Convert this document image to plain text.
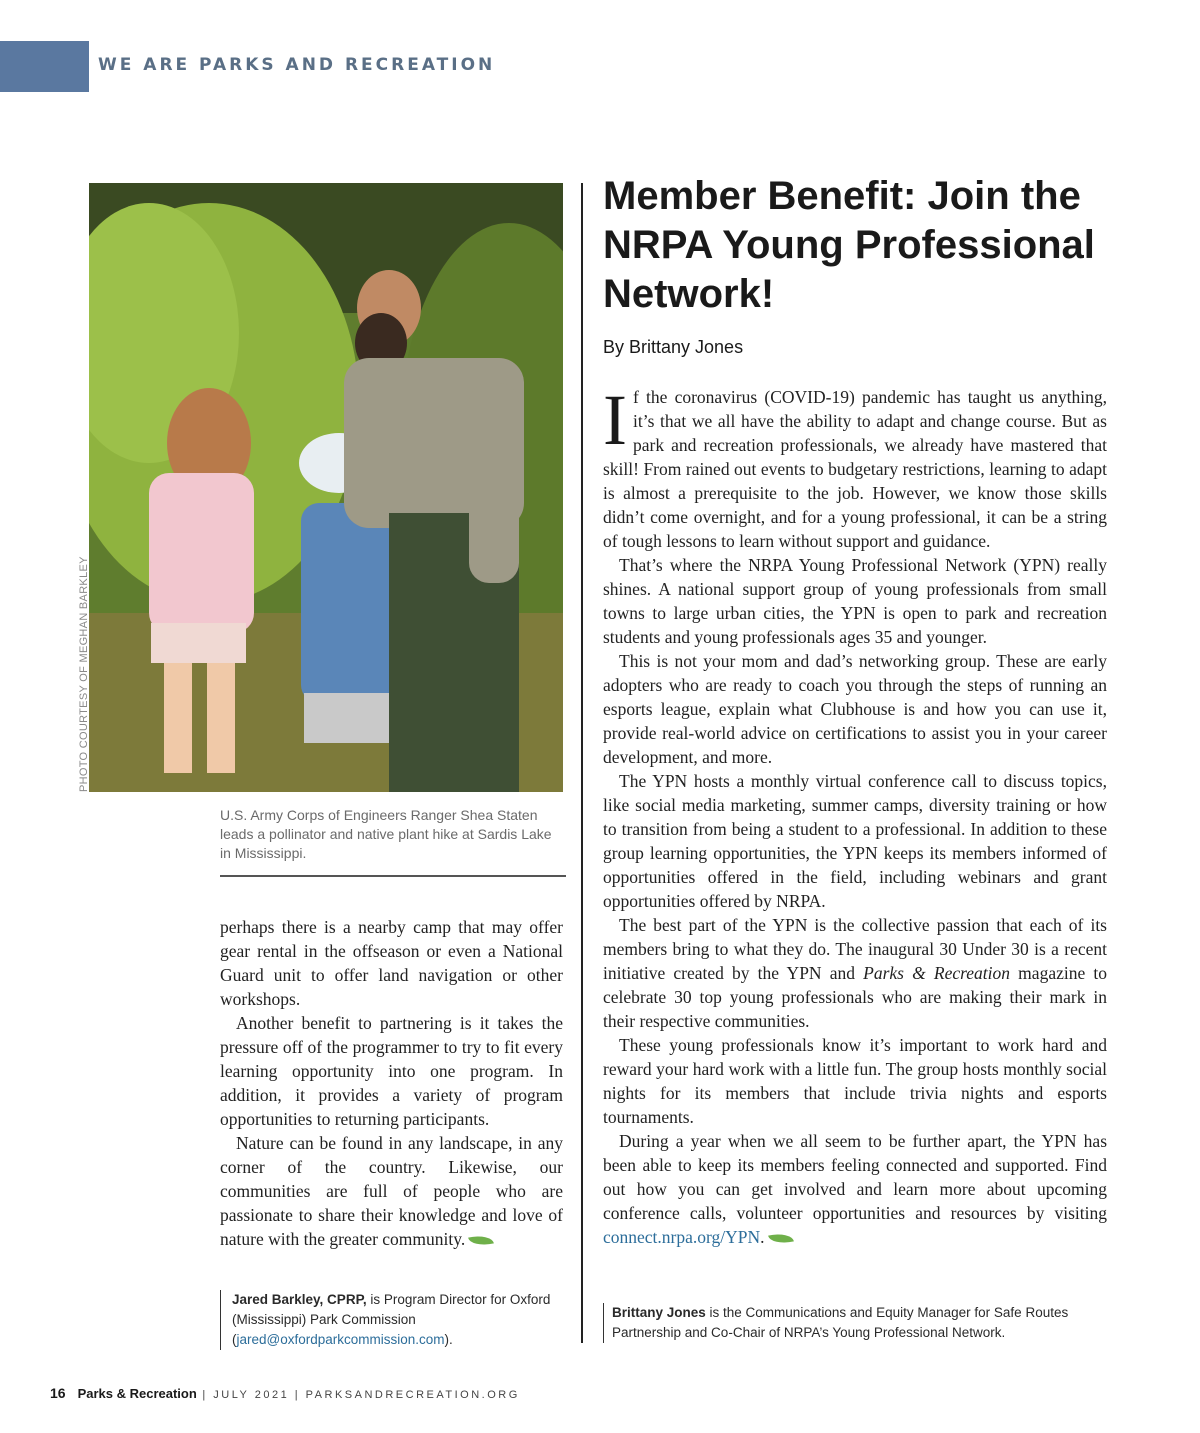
WE ARE PARKS AND RECREATION
PHOTO COURTESY OF MEGHAN BARKLEY
U.S. Army Corps of Engineers Ranger Shea Staten leads a pollinator and native plant hike at Sardis Lake in Mississippi.

perhaps there is a nearby camp that may offer gear rental in the offseason or even a National Guard unit to offer land navigation or other workshops.

Another benefit to partnering is it takes the pressure off of the programmer to try to fit every learning opportunity into one program. In addition, it provides a variety of program opportunities to returning participants.

Nature can be found in any landscape, in any corner of the country. Likewise, our communities are full of people who are passionate to share their knowledge and love of nature with the greater community.

Jared Barkley, CPRP, is Program Director for Oxford (Mississippi) Park Commission (jared@oxfordparkcommission.com).
Member Benefit: Join the NRPA Young Professional Network!
By Brittany Jones

If the coronavirus (COVID-19) pandemic has taught us anything, it’s that we all have the ability to adapt and change course. But as park and recreation professionals, we already have mastered that skill! From rained out events to budgetary restrictions, learning to adapt is almost a prerequisite to the job. However, we know those skills didn’t come overnight, and for a young professional, it can be a string of tough lessons to learn without support and guidance.

That’s where the NRPA Young Professional Network (YPN) really shines. A national support group of young professionals from small towns to large urban cities, the YPN is open to park and recreation students and young professionals ages 35 and younger.

This is not your mom and dad’s networking group. These are early adopters who are ready to coach you through the steps of running an esports league, explain what Clubhouse is and how you can use it, provide real-world advice on certifications to assist you in your career development, and more.

The YPN hosts a monthly virtual conference call to discuss topics, like social media marketing, summer camps, diversity training or how to transition from being a student to a professional. In addition to these group learning opportunities, the YPN keeps its members informed of opportunities offered in the field, including webinars and grant opportunities offered by NRPA.

The best part of the YPN is the collective passion that each of its members bring to what they do. The inaugural 30 Under 30 is a recent initiative created by the YPN and Parks & Recreation magazine to celebrate 30 top young professionals who are making their mark in their respective communities.

These young professionals know it’s important to work hard and reward your hard work with a little fun. The group hosts monthly social nights for its members that include trivia nights and esports tournaments.

During a year when we all seem to be further apart, the YPN has been able to keep its members feeling connected and supported. Find out how you can get involved and learn more about upcoming conference calls, volunteer opportunities and resources by visiting connect.nrpa.org/YPN.

Brittany Jones is the Communications and Equity Manager for Safe Routes Partnership and Co-Chair of NRPA’s Young Professional Network.
16 Parks & Recreation | JULY 2021 | PARKSANDRECREATION.ORG
